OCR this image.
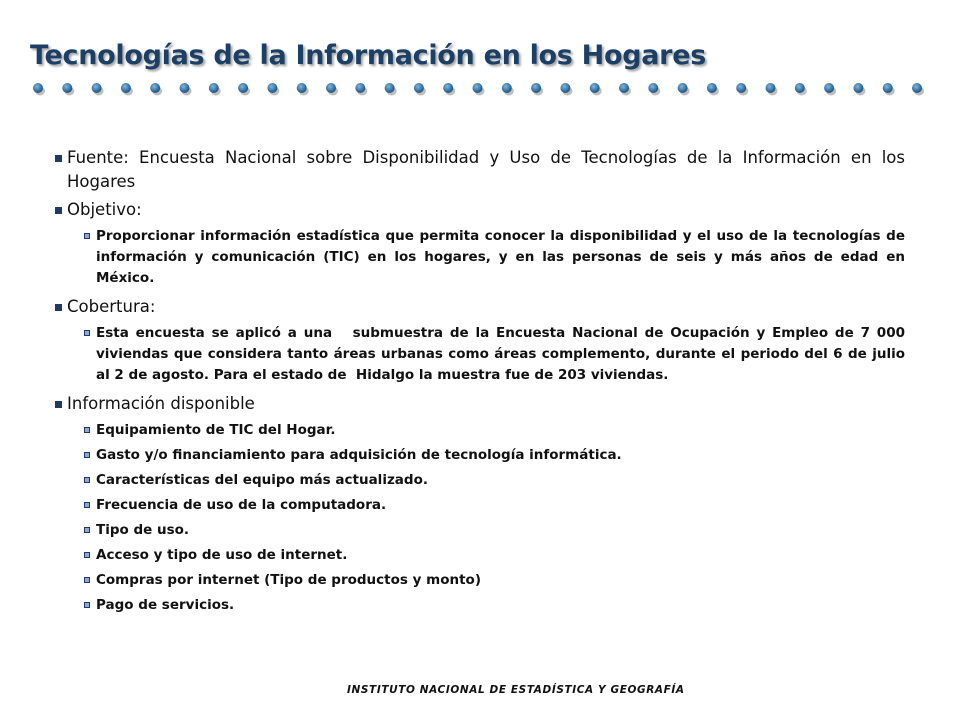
Tecnologías de la Información en los Hogares
Fuente: Encuesta Nacional sobre Disponibilidad y Uso de Tecnologías de la Información en los Hogares
Objetivo:
Proporcionar información estadística que permita conocer la disponibilidad y el uso de la tecnologías de información y comunicación (TIC) en los hogares, y en las personas de seis y más años de edad en México.
Cobertura:
Esta encuesta se aplicó a una   submuestra de la Encuesta Nacional de Ocupación y Empleo de 7 000 viviendas que considera tanto áreas urbanas como áreas complemento, durante el periodo del 6 de julio al 2 de agosto. Para el estado de  Hidalgo la muestra fue de 203 viviendas.
Información disponible
Equipamiento de TIC del Hogar.
Gasto y/o financiamiento para adquisición de tecnología informática.
Características del equipo más actualizado.
Frecuencia de uso de la computadora.
Tipo de uso.
Acceso y tipo de uso de internet.
Compras por internet (Tipo de productos y monto)
Pago de servicios.
INSTITUTO NACIONAL DE ESTADÍSTICA Y GEOGRAFÍA
